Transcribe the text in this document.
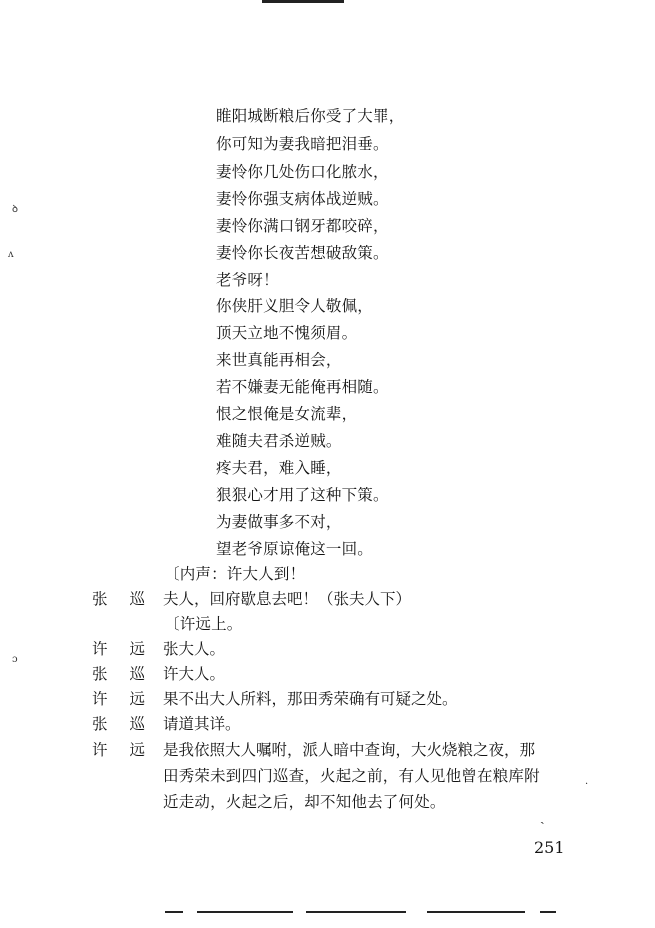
ꝺ
ʌ
ɔ
睢阳城断粮后你受了大罪，
你可知为妻我暗把泪垂。
妻怜你几处伤口化脓水，
妻怜你强支病体战逆贼。
妻怜你满口钢牙都咬碎，
妻怜你长夜苦想破敌策。
老爷呀！
你侠肝义胆令人敬佩，
顶天立地不愧须眉。
来世真能再相会，
若不嫌妻无能俺再相随。
恨之恨俺是女流辈，
难随夫君杀逆贼。
疼夫君，难入睡，
狠狠心才用了这种下策。
为妻做事多不对，
望老爷原谅俺这一回。
〔内声：许大人到！
张巡
夫人，回府歇息去吧！（张夫人下）
〔许远上。
许远
张大人。
张巡
许大人。
许远
果不出大人所料，那田秀荣确有可疑之处。
张巡
请道其详。
许远
是我依照大人嘱咐，派人暗中查询，大火烧粮之夜，那
田秀荣未到四门巡查，火起之前，有人见他曾在粮库附
近走动，火起之后，却不知他去了何处。
·
ˏ
251
